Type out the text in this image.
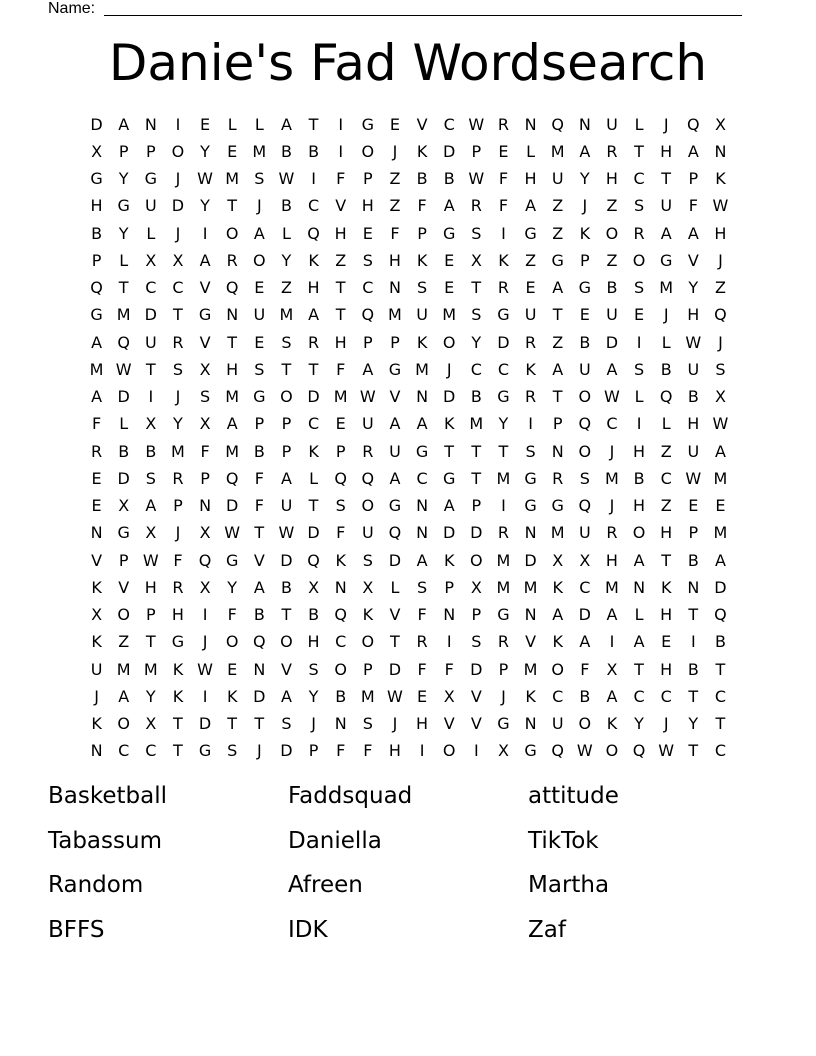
Name:
Danie's Fad Wordsearch
D A N	I	E	L	L	A	T	I	G E	V	C W R N Q N U	L	J	Q X
X	P	P	O Y	E M B	B	I	O	J	K D	P	E	L M A	R	T	H A N
G	Y	G	J	W M S W	I	F	P	Z	B	B W F	H U	Y	H C	T	P	K
H G U D	Y	T	J	B	C	V H Z	F	A	R	F	A	Z	J	Z	S	U	F W
B	Y	L	J	I	O A	L	Q H	E	F	P	G S	I	G Z	K O R	A	A H
P	L	X	X	A	R O Y	K	Z	S	H K	E	X	K	Z G	P	Z O G V	J
Q T	C C	V Q E	Z H	T	C N	S	E	T	R	E	A G B	S M Y	Z
G M D	T	G N U M A	T Q M U M S G U	T	E	U	E	J	H Q
A Q U R	V	T	E	S	R H	P	P	K O Y	D R	Z	B D	I	L W	J
M W T	S	X H	S	T	T	F	A G M	J	C C	K	A U A	S	B U	S
A D	I	J	S M G O D M W V N D B G R	T O W L	Q B	X
F	L	X	Y	X	A	P	P	C	E	U A	A	K M Y	I	P	Q C	I	L	H W
R	B	B M F M B	P	K	P	R U G	T	T	T	S	N O	J	H Z U A
E D S	R	P	Q	F	A	L	Q Q A	C G	T M G R	S M B	C W M
E	X	A	P	N D	F	U	T	S O G N A	P	I	G G Q	J	H Z	E	E
N G X	J	X W T W D	F	U Q N D D R N M U R O H	P M
V	P W F	Q G V D Q K	S D A	K O M D X	X H A	T	B	A
K	V H R	X	Y	A	B	X N X	L	S	P	X M M K	C M N K N D
X O	P	H	I	F	B	T	B Q K	V	F	N	P	G N A D A	L	H	T Q
K	Z	T	G	J	O Q O H C O T	R	I	S	R	V	K	A	I	A	E	I	B
U M M K W E	N V	S O	P	D	F	F	D	P M O	F	X	T	H B	T
J	A	Y	K	I	K D A	Y	B M W E	X	V	J	K	C	B	A	C C	T	C
K O X	T	D	T	T	S	J	N	S	J	H V	V G N U O K	Y	J	Y	T
N C C	T	G S	J	D	P	F	F	H	I	O	I	X G Q W O Q W T	C
Basketball	Faddsquad	attitude
Tabassum	Daniella	TikTok
Random	Afreen	Martha
BFFS	IDK	Zaf
